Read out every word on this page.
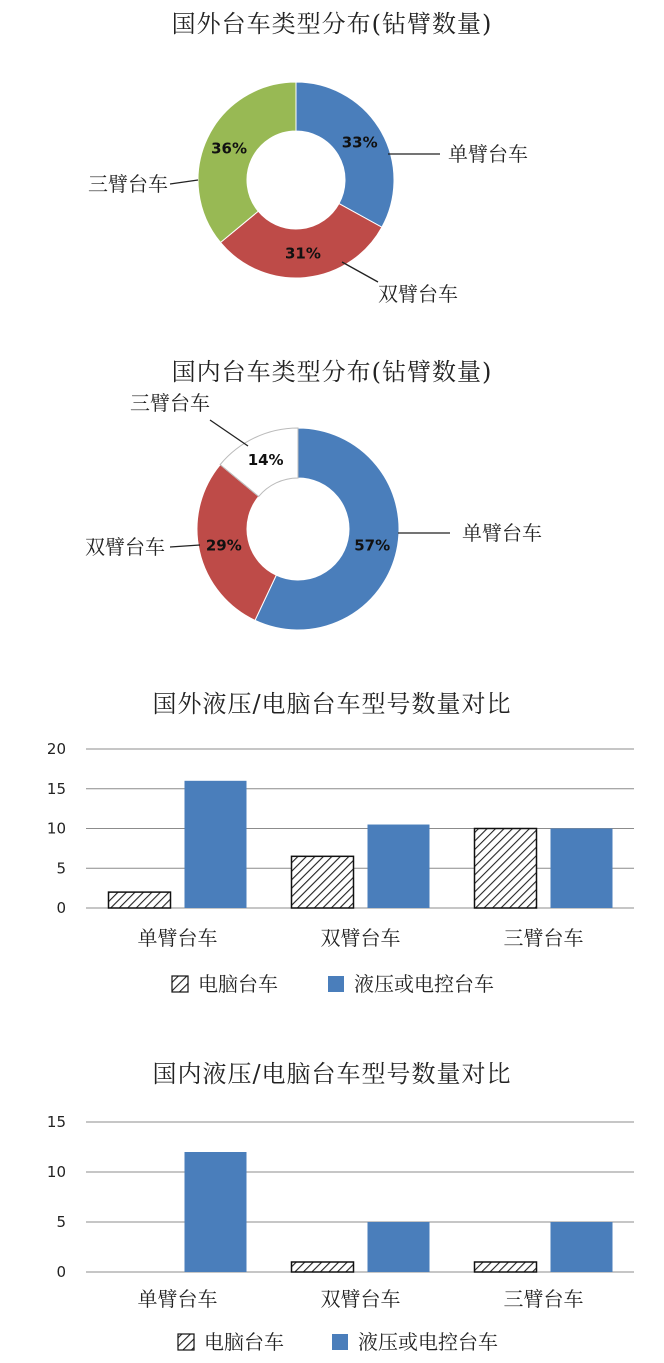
国外台车类型分布(钻臂数量)
33%
31%
36%	单臂台车
双臂台车
三臂台车
国内台车类型分布(钻臂数量)
57%
29%
14%
单臂台车
双臂台车
三臂台车
国外液压/电脑台车型号数量对比
0
5
10
15
20
单臂台车	双臂台车	三臂台车
电脑台车	液压或电控台车
国内液压/电脑台车型号数量对比
0
5
10
15
单臂台车	双臂台车	三臂台车
电脑台车	液压或电控台车
